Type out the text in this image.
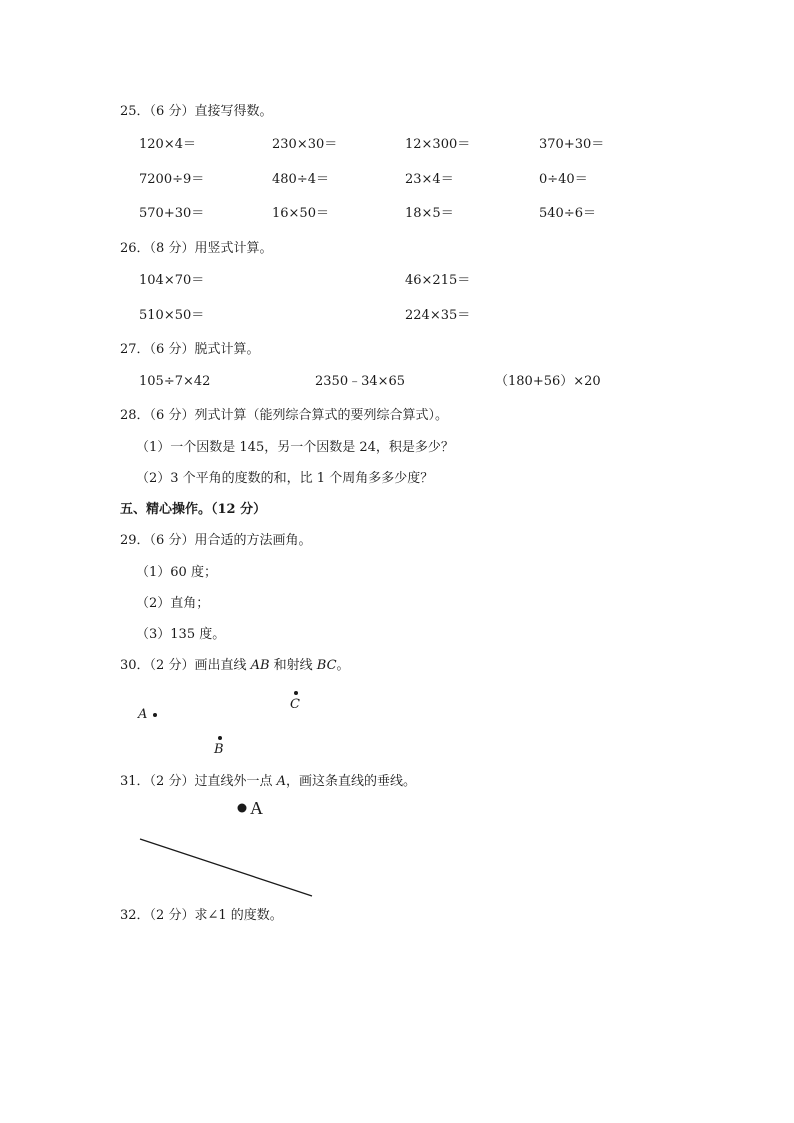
25．（6 分）直接写得数。
120×4＝	230×30＝	12×300＝	370+30＝
7200÷9＝	480÷4＝	23×4＝	0÷40＝
570+30＝	16×50＝	18×5＝	540÷6＝
26．（8 分）用竖式计算。
104×70＝	46×215＝
510×50＝	224×35＝
27．（6 分）脱式计算。
105÷7×42	2350﹣34×65	（180+56）×20
28．（6 分）列式计算（能列综合算式的要列综合算式）。
（1）一个因数是 145，另一个因数是 24，积是多少？
（2）3 个平角的度数的和，比 1 个周角多多少度？
五、精心操作。（12 分）
29．（6 分）用合适的方法画角。
（1）60 度；
（2）直角；
（3）135 度。
30．（2 分）画出直线 AB 和射线 BC。
A
C
B
31．（2 分）过直线外一点 A，画这条直线的垂线。
A
32．（2 分）求∠1 的度数。
